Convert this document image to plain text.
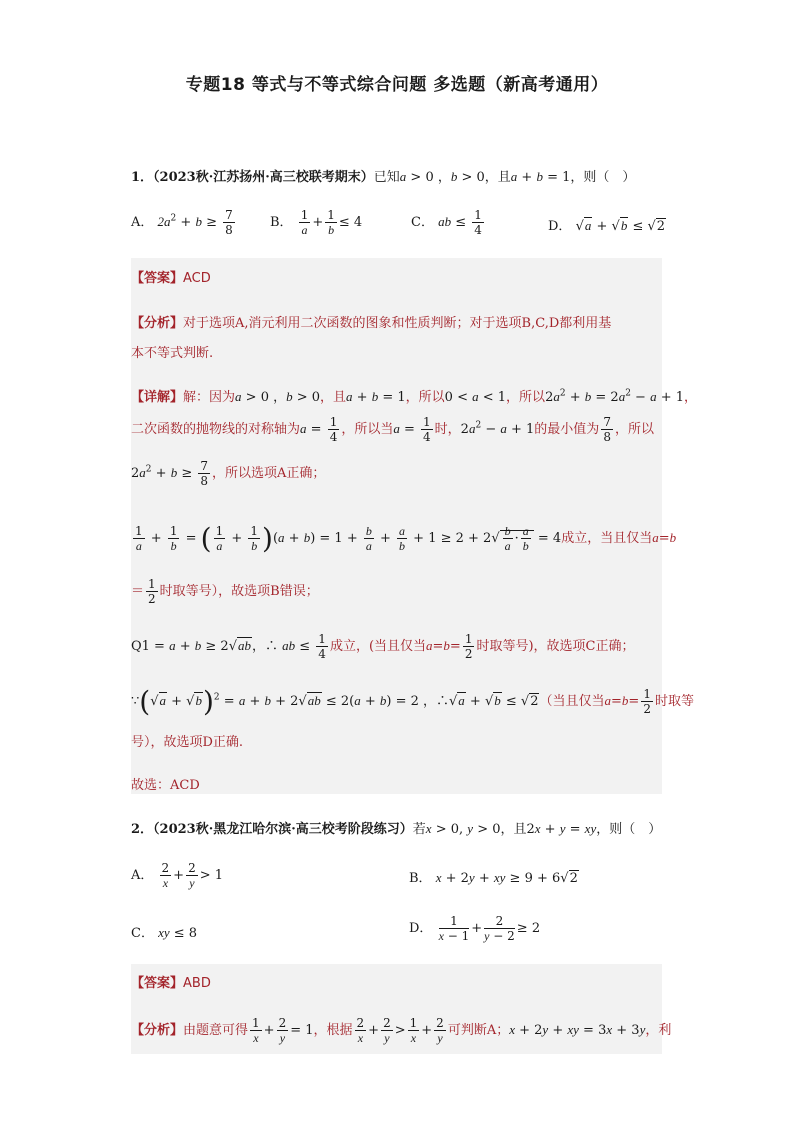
专题18 等式与不等式综合问题 多选题（新高考通用）
1．（2023秋·江苏扬州·高三校联考期末）已知a > 0 ，b > 0，且a + b = 1，则（　）
A． $2a^2 + b \ge \frac{7}{8}$	B． $\frac{1}{a} + \frac{1}{b} \le 4$	C． ab ≤ $\frac{1}{4}$	D． √a + √b ≤ √2
【答案】ACD
【分析】对于选项A,消元利用二次函数的图象和性质判断；对于选项B,C,D都利用基
本不等式判断.
【详解】解：因为a > 0 ，b > 0，且a + b = 1，所以0 < a < 1，所以$2a^2 + b = 2a^2 - a + 1$，
二次函数的抛物线的对称轴为$a = \frac{1}{4}$ ，所以当$a = \frac{1}{4}$ 时，$2a^2 - a + 1$的最小值为 $\frac{7}{8}$ ，所以
$2a^2 + b \ge \frac{7}{8}$ ，所以选项A正确；
$\frac{1}{a} + \frac{1}{b}$ = ( $\frac{1}{a} + \frac{1}{b} )(a + b) = 1 + \frac{b}{a} + \frac{a}{b} + 1 \ge 2 + 2√ \frac{b}{a} \cdot \frac{a}{b} = 4$成立，当且仅当a=b
＝ $\frac{1}{2}$ 时取等号），故选项B错误；
Q1 = a + b ≥ 2√ab，∴ ab ≤ $\frac{1}{4}$ 成立，(当且仅当$a=b= \frac{1}{2}$ 时取等号)，故选项C正确；
∵(√a + √b)$^2$ = a + b + 2√ab ≤ 2(a + b) = 2 ，∴√a + √b ≤ √2（当且仅当$a=b= \frac{1}{2}$ 时取等
号），故选项D正确.
故选：ACD
2．（2023秋·黑龙江哈尔滨·高三校考阶段练习）若x > 0, y > 0，且2x + y = xy，则（　）
A． $\frac{2}{x} + \frac{2}{y} > 1$	B． x + 2y + xy ≥ 9 + 6√2
C． xy ≤ 8	D． $\frac{1}{x - 1} + \frac{2}{y - 2} \ge 2$
【答案】ABD
【分析】由题意可得 $\frac{1}{x} + \frac{2}{y} = 1$，根据 $\frac{2}{x} + \frac{2}{y} > \frac{1}{x} + \frac{2}{y}$ 可判断A；x + 2y + xy = 3x + 3y，利
